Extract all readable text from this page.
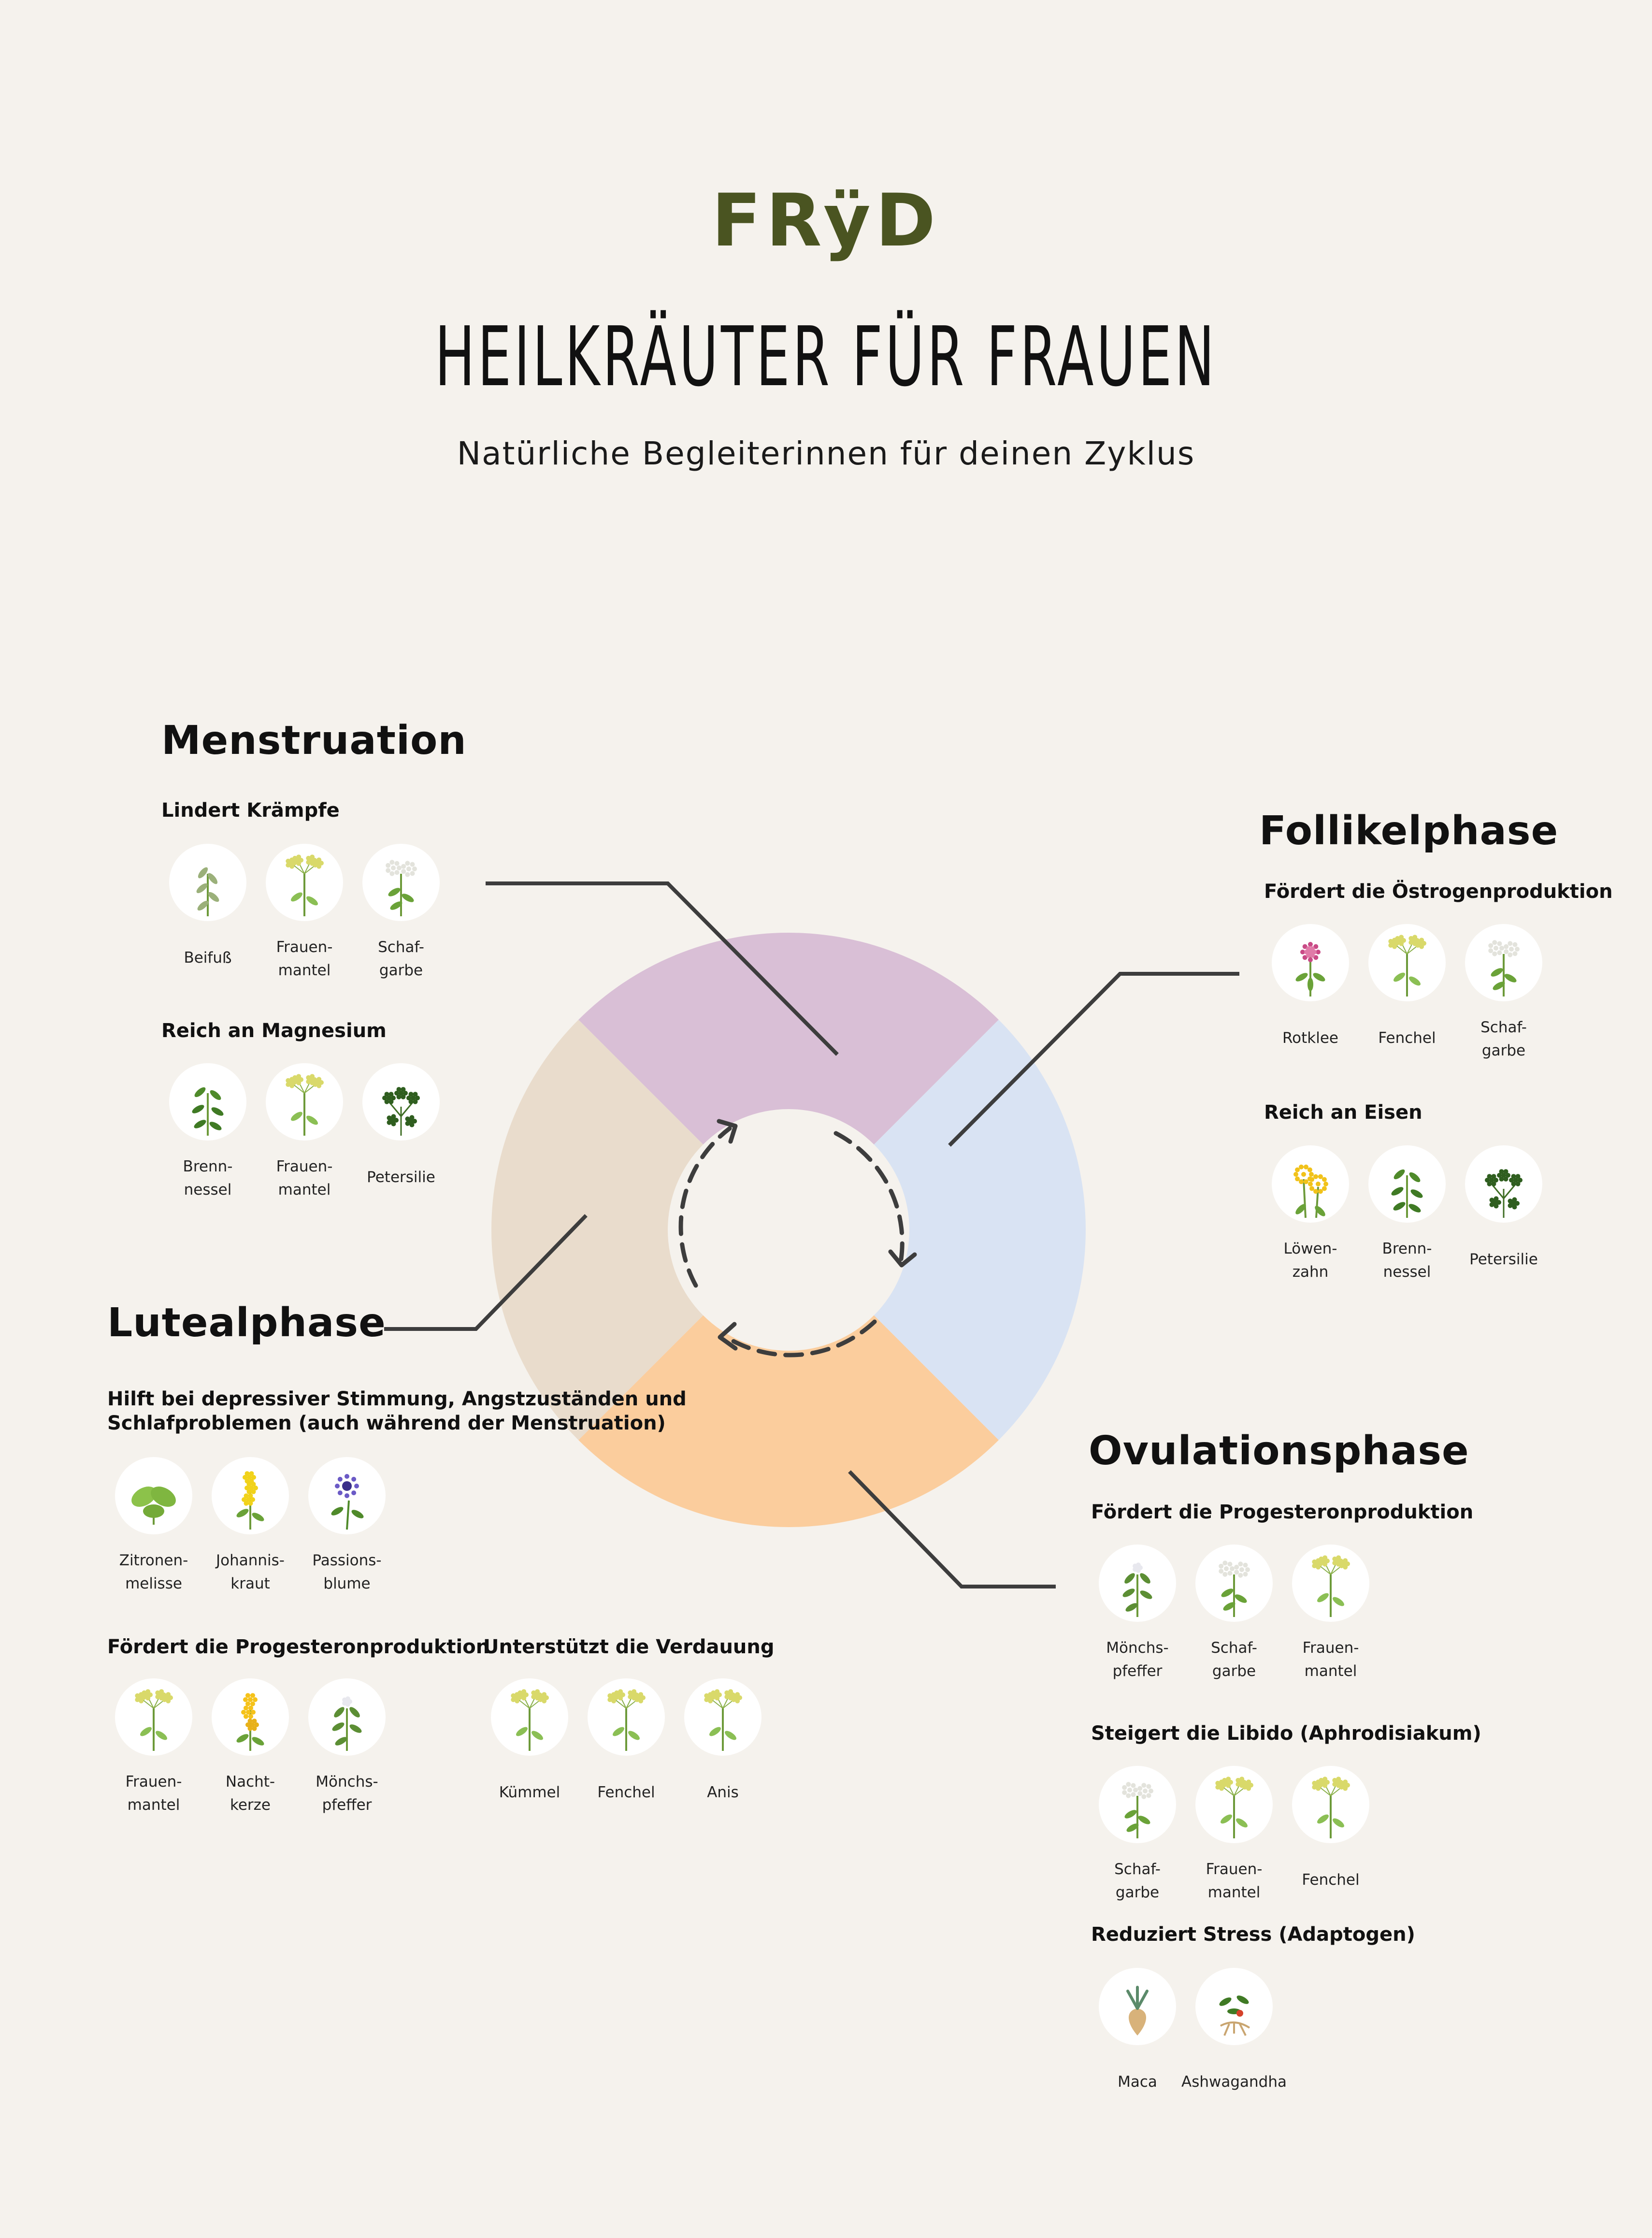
FRÿD
HEILKRÄUTER FÜR FRAUEN
Natürliche Begleiterinnen für deinen Zyklus
Menstruation
Follikelphase
Ovulationsphase
Lutealphase
Lindert Krämpfe
Reich an Magnesium
Fördert die Östrogenproduktion
Reich an Eisen
Fördert die Progesteronproduktion
Steigert die Libido (Aphrodisiakum)
Reduziert Stress (Adaptogen)
Hilft bei depressiver Stimmung, Angstzuständen und
Schlafproblemen (auch während der Menstruation)
Fördert die Progesteronproduktion
Unterstützt die Verdauung
Beifuß
Frauen-
mantel
Schaf-
garbe
Brenn-
nessel
Frauen-
mantel
Petersilie
Rotklee	Fenchel
Schaf-
garbe
Löwen-
zahn
Brenn-
nessel
Petersilie
Mönchs-
pfeffer
Schaf-
garbe
Frauen-
mantel
Schaf-
garbe
Frauen-
mantel
Fenchel
Maca	Ashwagandha
Zitronen-
melisse
Johannis-
kraut
Passions-
blume
Frauen-
mantel
Nacht-
kerze
Mönchs-
pfeffer
Kümmel	Fenchel	Anis
